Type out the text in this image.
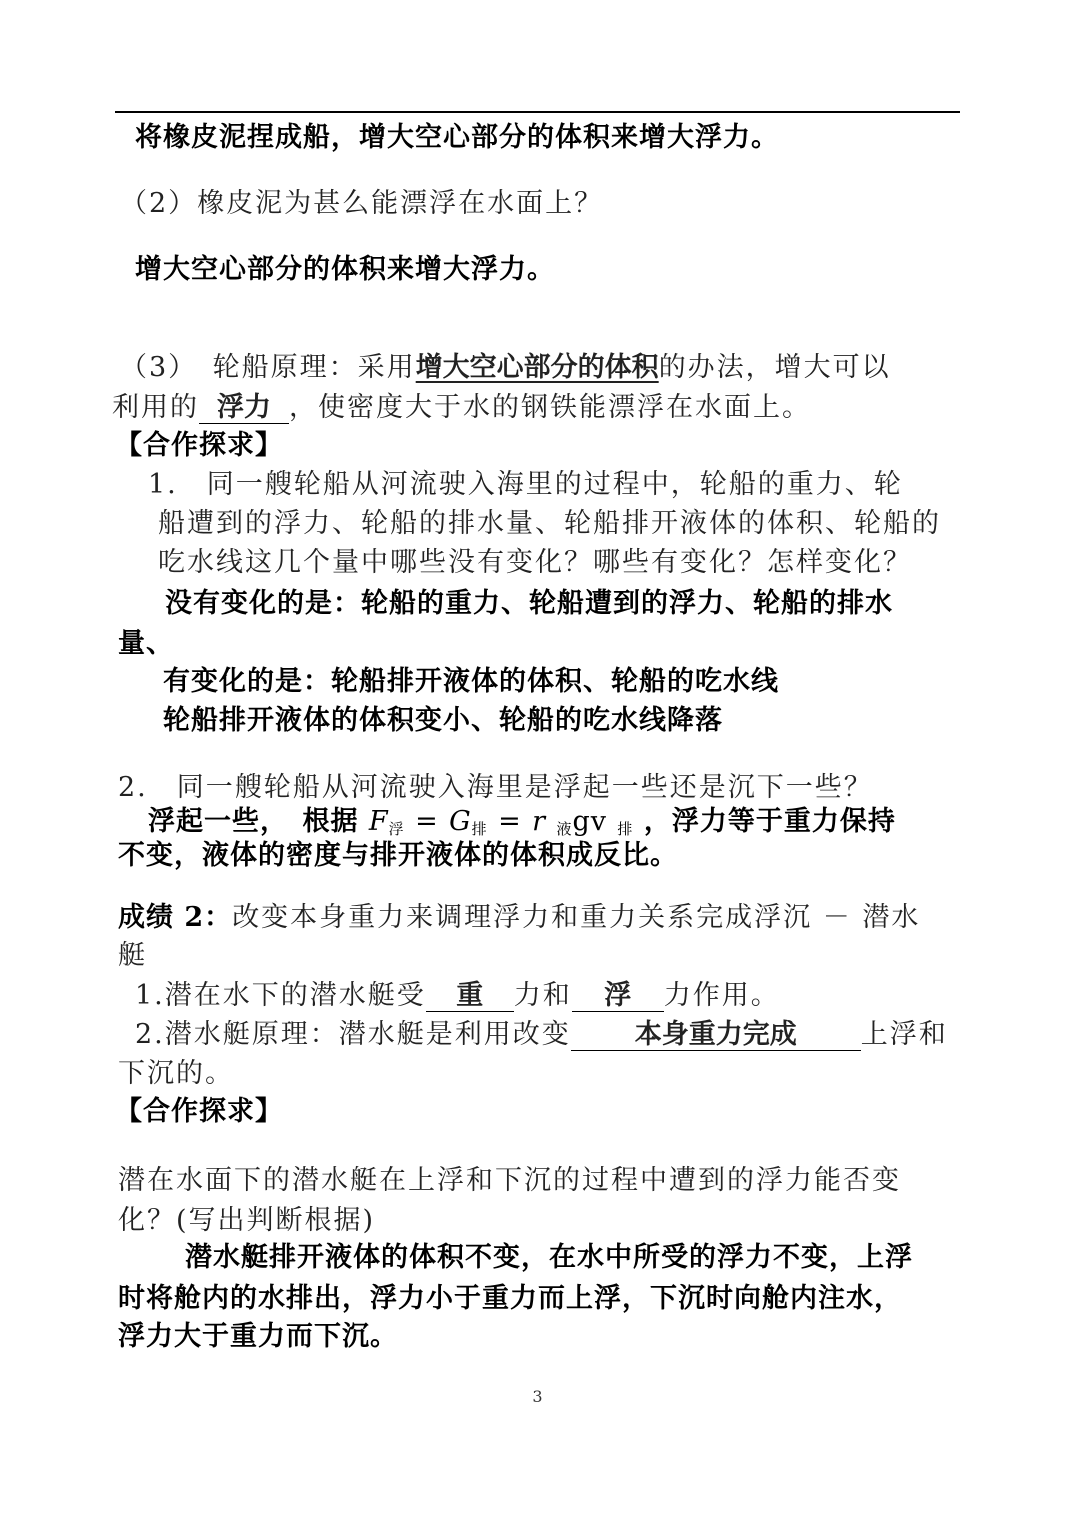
将橡皮泥捏成船，增大空心部分的体积来增大浮力。
（2）橡皮泥为甚么能漂浮在水面上？
增大空心部分的体积来增大浮力。
（3）　轮船原理：采用增大空心部分的体积的办法，增大可以
利用的 浮力 ，使密度大于水的钢铁能漂浮在水面上。
【合作探求】
1.　同一艘轮船从河流驶入海里的过程中，轮船的重力、轮
船遭到的浮力、轮船的排水量、轮船排开液体的体积、轮船的
吃水线这几个量中哪些没有变化？哪些有变化？怎样变化？
没有变化的是：轮船的重力、轮船遭到的浮力、轮船的排水
量、
有变化的是：轮船排开液体的体积、轮船的吃水线
轮船排开液体的体积变小、轮船的吃水线降落
2.　同一艘轮船从河流驶入海里是浮起一些还是沉下一些？
浮起一些，　根据 $F_浮 = G_排 = r$ $_液$gv $_排$ ，浮力等于重力保持
不变，液体的密度与排开液体的体积成反比。
成绩 2：改变本身重力来调理浮力和重力关系完成浮沉 － 潜水
艇
1.潜在水下的潜水艇受 重 力和 浮 力作用。
2.潜水艇原理：潜水艇是利用改变 本身重力完成 上浮和
下沉的。
【合作探求】
潜在水面下的潜水艇在上浮和下沉的过程中遭到的浮力能否变
化？(写出判断根据)
潜水艇排开液体的体积不变，在水中所受的浮力不变，上浮
时将舱内的水排出，浮力小于重力而上浮，下沉时向舱内注水，
浮力大于重力而下沉。
3
